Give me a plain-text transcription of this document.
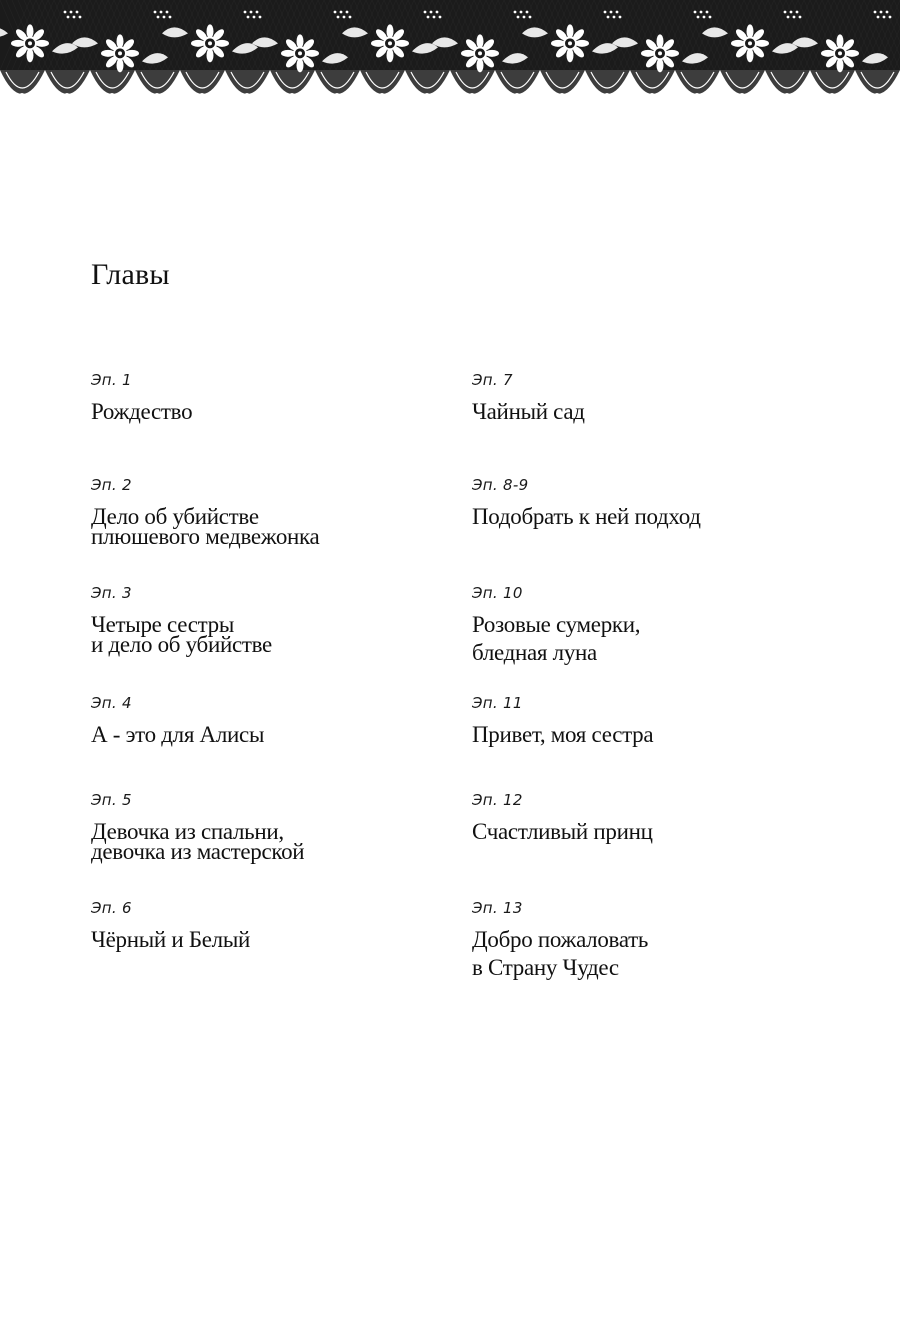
Главы
Эп. 1
Рождество
Эп. 2
Дело об убийстве
плюшевого медвежонка
Эп. 3
Четыре сестры
и дело об убийстве
Эп. 4
А - это для Алисы
Эп. 5
Девочка из спальни,
девочка из мастерской
Эп. 6
Чёрный и Белый
Эп. 7
Чайный сад
Эп. 8-9
Подобрать к ней подход
Эп. 10
Розовые сумерки,
бледная луна
Эп. 11
Привет, моя сестра
Эп. 12
Счастливый принц
Эп. 13
Добро пожаловать
в Страну Чудес
